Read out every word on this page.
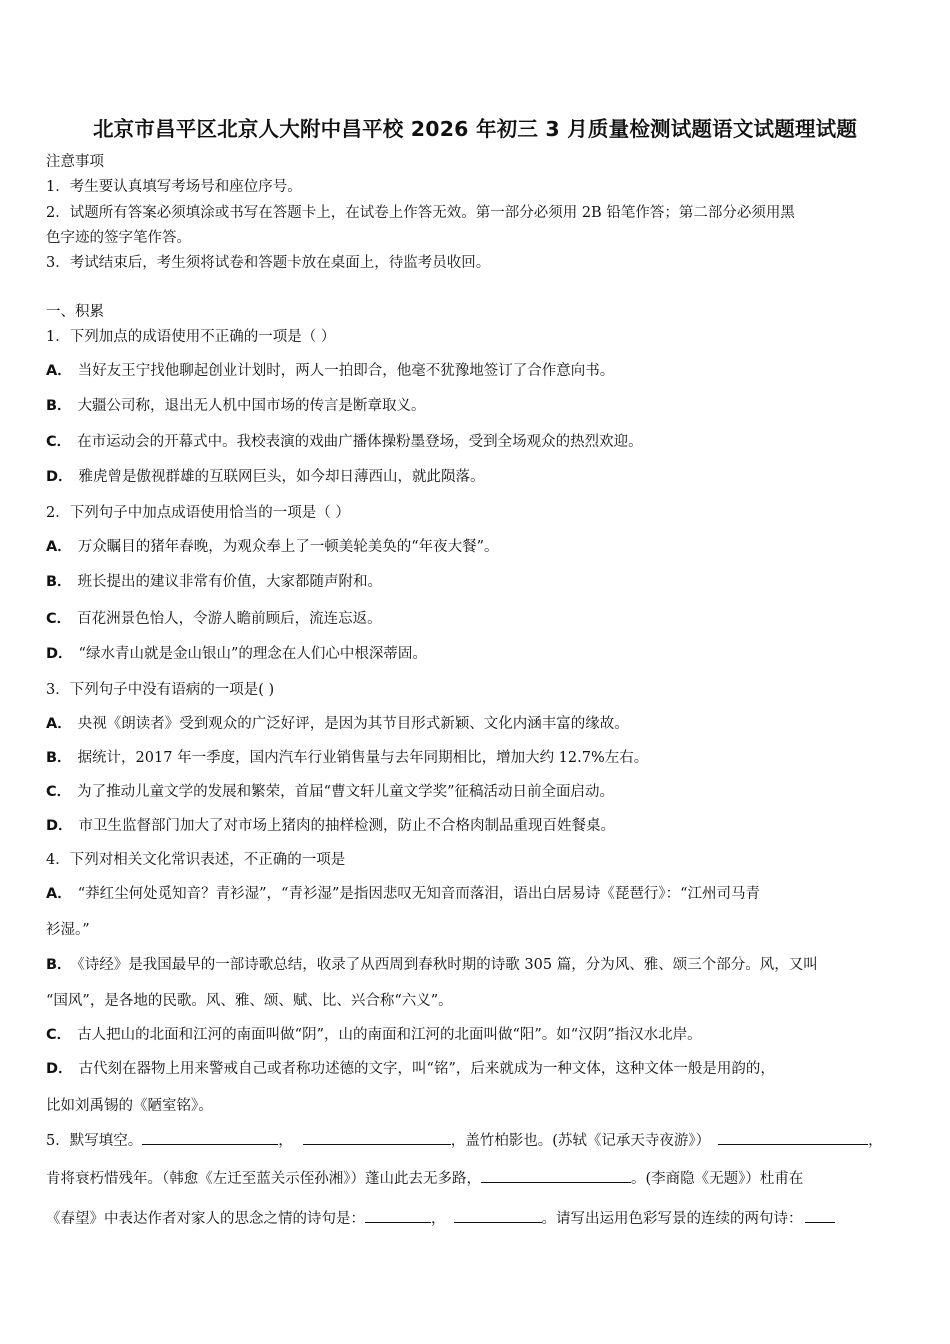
北京市昌平区北京人大附中昌平校 2026 年初三 3 月质量检测试题语文试题理试题
注意事项
1．考生要认真填写考场号和座位序号。
2．试题所有答案必须填涂或书写在答题卡上，在试卷上作答无效。第一部分必须用 2B 铅笔作答；第二部分必须用黑
色字迹的签字笔作答。
3．考试结束后，考生须将试卷和答题卡放在桌面上，待监考员收回。
一、积累
1．下列加点的成语使用不正确的一项是（ ）
A． 当好友王宁找他聊起创业计划时，两人一拍即合，他毫不犹豫地签订了合作意向书。
B． 大疆公司称，退出无人机中国市场的传言是断章取义。
C． 在市运动会的开幕式中。我校表演的戏曲广播体操粉墨登场，受到全场观众的热烈欢迎。
D． 雅虎曾是傲视群雄的互联网巨头，如今却日薄西山，就此陨落。
2．下列句子中加点成语使用恰当的一项是（ ）
A． 万众瞩目的猪年春晚，为观众奉上了一顿美轮美奂的“年夜大餐”。
B． 班长提出的建议非常有价值，大家都随声附和。
C． 百花洲景色怡人，令游人瞻前顾后，流连忘返。
D． “绿水青山就是金山银山”的理念在人们心中根深蒂固。
3．下列句子中没有语病的一项是( )
A． 央视《朗读者》受到观众的广泛好评，是因为其节目形式新颖、文化内涵丰富的缘故。
B． 据统计，2017 年一季度，国内汽车行业销售量与去年同期相比，增加大约 12.7%左右。
C． 为了推动儿童文学的发展和繁荣，首届“曹文轩儿童文学奖”征稿活动日前全面启动。
D． 市卫生监督部门加大了对市场上猪肉的抽样检测，防止不合格肉制品重现百姓餐桌。
4．下列对相关文化常识表述，不正确的一项是
A． “莽红尘何处觅知音？青衫湿”，“青衫湿”是指因悲叹无知音而落泪，语出白居易诗《琵琶行》：“江州司马青
衫湿。”
B． 《诗经》是我国最早的一部诗歌总结，收录了从西周到春秋时期的诗歌 305 篇，分为风、雅、颂三个部分。风，又叫
“国风”，是各地的民歌。风、雅、颂、赋、比、兴合称“六义”。
C． 古人把山的北面和江河的南面叫做“阴”，山的南面和江河的北面叫做“阳”。如“汉阴”指汉水北岸。
D． 古代刻在器物上用来警戒自己或者称功述德的文字，叫“铭”，后来就成为一种文体，这种文体一般是用韵的，
比如刘禹锡的《陋室铭》。
5．默写填空。	，	，盖竹柏影也。(苏轼《记承天寺夜游》）	，
肯将衰朽惜残年。（韩愈《左迁至蓝关示侄孙湘》）蓬山此去无多路，	。(李商隐《无题》）杜甫在
《春望》中表达作者对家人的思念之情的诗句是：	，	。请写出运用色彩写景的连续的两句诗：
